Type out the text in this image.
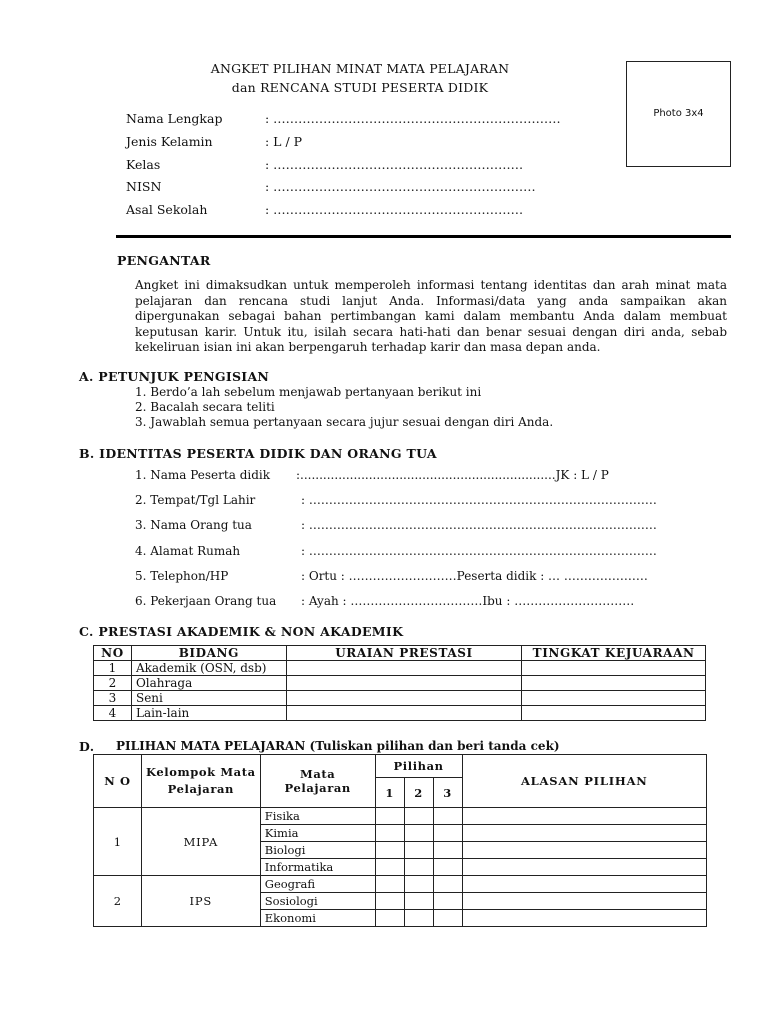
ANGKET PILIHAN MINAT MATA PELAJARAN
dan RENCANA STUDI PESERTA DIDIK
Photo 3x4
Nama Lengkap	: ……………………………………………………………
Jenis Kelamin	: L / P
Kelas	: ……………………………………………………
NISN	: ………………………………………………………
Asal Sekolah	: ……………………………………………………
PENGANTAR
Angket ini dimaksudkan untuk memperoleh informasi tentang identitas dan arah minat mata pelajaran dan rencana studi lanjut Anda. Informasi/data yang anda sampaikan akan dipergunakan sebagai bahan pertimbangan kami dalam membantu Anda dalam membuat keputusan karir. Untuk itu, isilah secara hati-hati dan benar sesuai dengan diri anda, sebab kekeliruan isian ini akan berpengaruh terhadap karir dan masa depan anda.
A. PETUNJUK PENGISIAN
1. Berdo’a lah sebelum menjawab pertanyaan berikut ini
2. Bacalah secara teliti
3. Jawablah semua pertanyaan secara jujur sesuai dengan diri Anda.
B. IDENTITAS PESERTA DIDIK DAN ORANG TUA
1. Nama Peserta didik :...................................................................JK : L / P
2. Tempat/Tgl Lahir	: ……………………………………………………………………………
3. Nama Orang tua	: ……………………………………………………………………………
4. Alamat Rumah	: ……………………………………………………………………………
5. Telephon/HP	: Ortu : ………………………Peserta didik : … …………………
6. Pekerjaan Orang tua : Ayah : ……………………………Ibu : …………………………
C. PRESTASI AKADEMIK & NON AKADEMIK
NO	BIDANG	URAIAN PRESTASI	TINGKAT KEJUARAAN
1	Akademik (OSN, dsb)		
2	Olahraga		
3	Seni		
4	Lain-lain		
D. PILIHAN MATA PELAJARAN (Tuliskan pilihan dan beri tanda cek)
N O	Kelompok Mata Pelajaran	Mata Pelajaran	Pilihan			ALASAN PILIHAN
			1	2	3	
1	MIPA	Fisika				
		Kimia				
		Biologi				
		Informatika				
2	IPS	Geografi				
		Sosiologi				
		Ekonomi				
